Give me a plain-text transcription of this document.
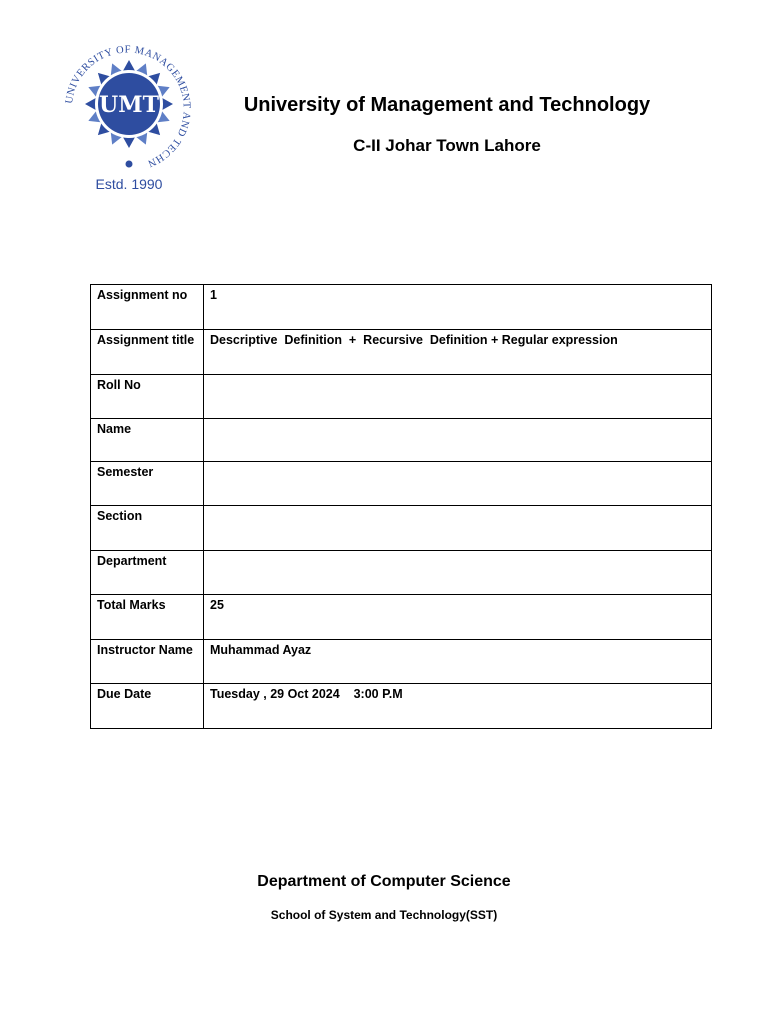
UMT
UNIVERSITY OF MANAGEMENT AND TECHN
Estd. 1990
University of Management and Technology
C-II Johar Town Lahore
Assignment no	1
Assignment title	Descriptive  Definition  +  Recursive  Definition + Regular expression
Roll No	
Name	
Semester	
Section	
Department	
Total Marks	25
Instructor Name	Muhammad Ayaz
Due Date	Tuesday , 29 Oct 2024    3:00 P.M
Department of Computer Science
School of System and Technology(SST)
